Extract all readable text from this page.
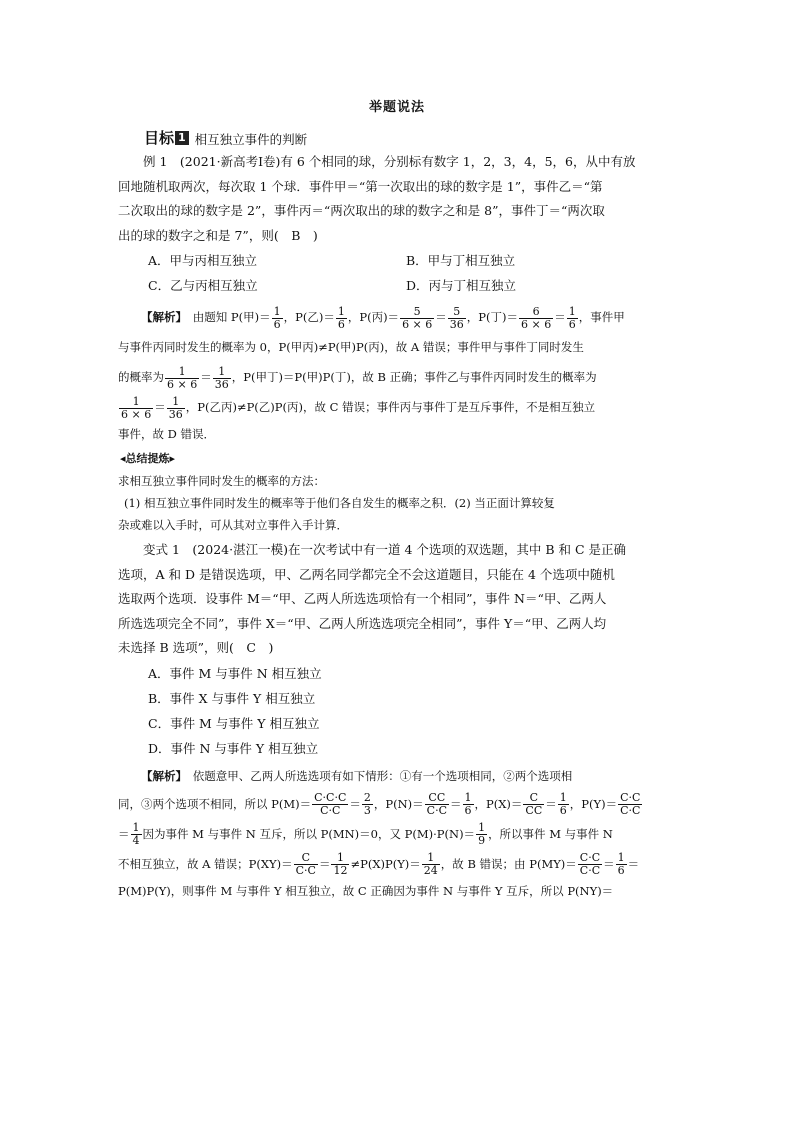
举题说法
目标 1 相互独立事件的判断

例 1　(2021·新高考Ⅰ卷)有 6 个相同的球，分别标有数字 1，2，3，4，5，6，从中有放

回地随机取两次，每次取 1 个球．事件甲＝“第一次取出的球的数字是 1”，事件乙＝“第

二次取出的球的数字是 2”，事件丙＝“两次取出的球的数字之和是 8”，事件丁＝“两次取

出的球的数字之和是 7”，则(　B　)

A．甲与丙相互独立	B．甲与丁相互独立
C．乙与丙相互独立	D．丙与丁相互独立

【解析】　 由题知 P(甲)＝ $\frac{1}{6}$ ，P(乙)＝ $\frac{1}{6}$ ，P(丙)＝ $\frac{5}{6 \times 6} = \frac{5}{36}$ ，P(丁)＝ $\frac{6}{6 \times 6} = \frac{1}{6}$ ，事件甲

与事件丙同时发生的概率为 0，P(甲丙)≠P(甲)P(丙)，故 A 错误；事件甲与事件丁同时发生

的概率为 $\frac{1}{6 \times 6} = \frac{1}{36}$ ，P(甲丁)＝P(甲)P(丁)，故 B 正确；事件乙与事件丙同时发生的概率为

$\frac{1}{6 \times 6} = \frac{1}{36}$ ，P(乙丙)≠P(乙)P(丙)，故 C 错误；事件丙与事件丁是互斥事件，不是相互独立

事件，故 D 错误．

◂总结提炼▸

求相互独立事件同时发生的概率的方法：

(1) 相互独立事件同时发生的概率等于他们各自发生的概率之积．(2) 当正面计算较复

杂或难以入手时，可从其对立事件入手计算．

变式 1　(2024·湛江一模)在一次考试中有一道 4 个选项的双选题，其中 B 和 C 是正确

选项，A 和 D 是错误选项，甲、乙两名同学都完全不会这道题目，只能在 4 个选项中随机

选取两个选项．设事件 M＝“甲、乙两人所选选项恰有一个相同”，事件 N＝“甲、乙两人

所选选项完全不同”，事件 X＝“甲、乙两人所选选项完全相同”，事件 Y＝“甲、乙两人均

未选择 B 选项”，则(　C　)

A．事件 M 与事件 N 相互独立
B．事件 X 与事件 Y 相互独立
C．事件 M 与事件 Y 相互独立
D．事件 N 与事件 Y 相互独立

【解析】　 依题意甲、乙两人所选选项有如下情形：①有一个选项相同，②两个选项相

同，③两个选项不相同，所以 $P(M)= \frac{C\cdot C\cdot C}{C\cdot C} = \frac{2}{3}$ ，$P(N)= \frac{CC}{C\cdot C} = \frac{1}{6}$ ，$P(X)= \frac{C}{CC} = \frac{1}{6}$ ，$P(Y)= \frac{C\cdot C}{C\cdot C}$

＝ $\frac{1}{4}$ 因为事件 M 与事件 N 互斥，所以 P(MN)＝0，又 $P(M)\cdot P(N)= \frac{1}{9}$ ，所以事件 M 与事件 N

不相互独立，故 A 错误；$P(XY)= \frac{C}{C\cdot C} = \frac{1}{12} \ne P(X)P(Y)= \frac{1}{24}$ ，故 B 错误；由 $P(MY)= \frac{C\cdot C}{C\cdot C} = \frac{1}{6}$ ＝

P(M)P(Y)，则事件 M 与事件 Y 相互独立，故 C 正确因为事件 N 与事件 Y 互斥，所以 P(NY)＝
